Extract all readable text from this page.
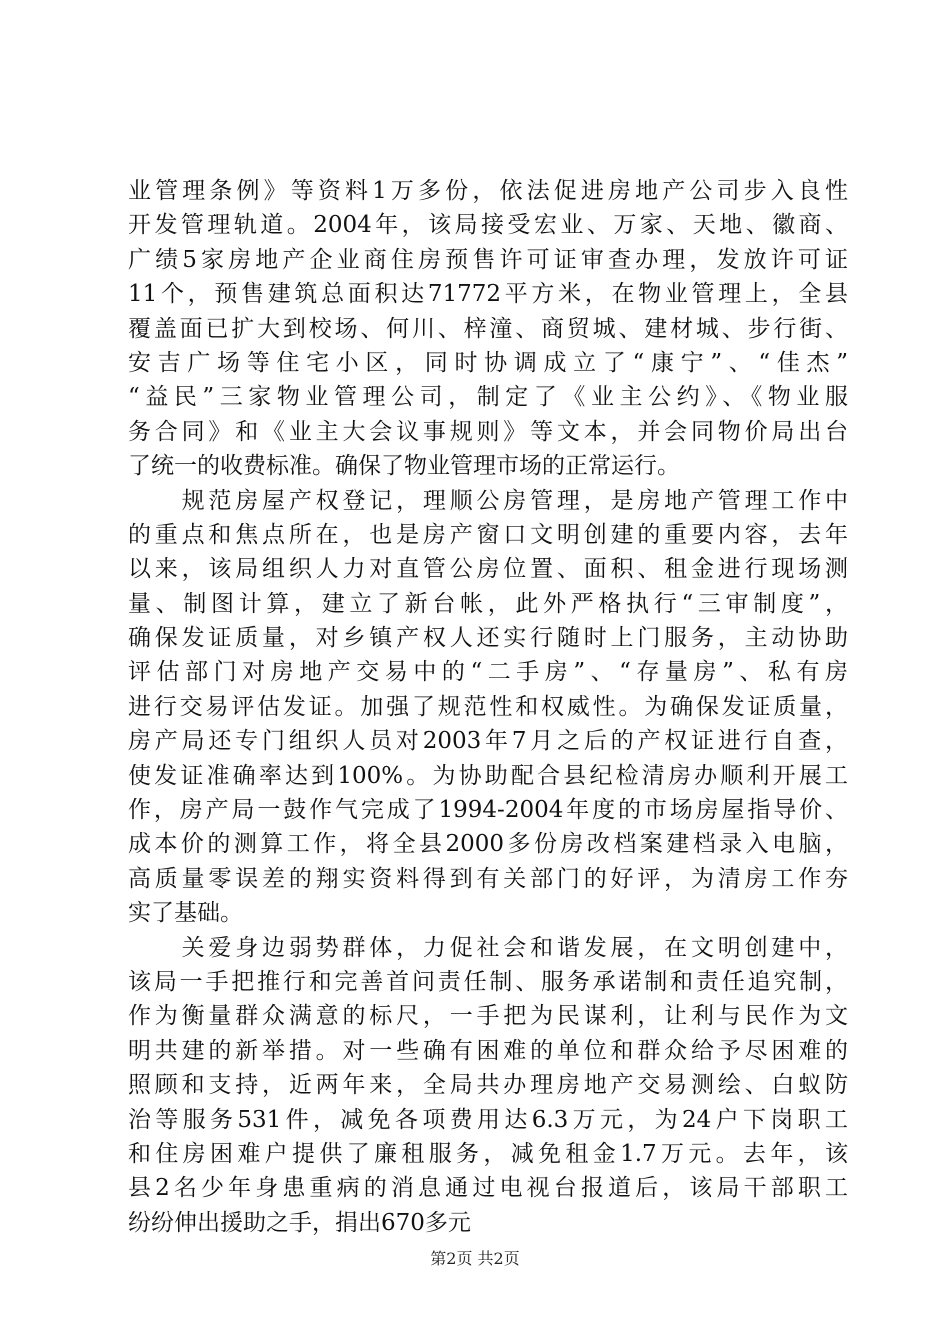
业管理条例》等资料1万多份，依法促进房地产公司步入良性
开发管理轨道。2004年，该局接受宏业、万家、天地、徽商、
广绩5家房地产企业商住房预售许可证审查办理，发放许可证
11个，预售建筑总面积达71772平方米，在物业管理上，全县
覆盖面已扩大到校场、何川、梓潼、商贸城、建材城、步行街、
安吉广场等住宅小区，同时协调成立了“康宁”、“佳杰”
“益民”三家物业管理公司，制定了《业主公约》、《物业服
务合同》和《业主大会议事规则》等文本，并会同物价局出台
了统一的收费标准。确保了物业管理市场的正常运行。
　　规范房屋产权登记，理顺公房管理，是房地产管理工作中
的重点和焦点所在，也是房产窗口文明创建的重要内容，去年
以来，该局组织人力对直管公房位置、面积、租金进行现场测
量、制图计算，建立了新台帐，此外严格执行“三审制度”，
确保发证质量，对乡镇产权人还实行随时上门服务，主动协助
评估部门对房地产交易中的“二手房”、“存量房”、私有房
进行交易评估发证。加强了规范性和权威性。为确保发证质量，
房产局还专门组织人员对2003年7月之后的产权证进行自查，
使发证准确率达到100%。为协助配合县纪检清房办顺利开展工
作，房产局一鼓作气完成了1994-2004年度的市场房屋指导价、
成本价的测算工作，将全县2000多份房改档案建档录入电脑，
高质量零误差的翔实资料得到有关部门的好评，为清房工作夯
实了基础。
　　关爱身边弱势群体，力促社会和谐发展，在文明创建中，
该局一手把推行和完善首问责任制、服务承诺制和责任追究制，
作为衡量群众满意的标尺，一手把为民谋利，让利与民作为文
明共建的新举措。对一些确有困难的单位和群众给予尽困难的
照顾和支持，近两年来，全局共办理房地产交易测绘、白蚁防
治等服务531件，减免各项费用达6.3万元，为24户下岗职工
和住房困难户提供了廉租服务，减免租金1.7万元。去年，该
县2名少年身患重病的消息通过电视台报道后，该局干部职工
纷纷伸出援助之手，捐出670多元
第2页 共2页
